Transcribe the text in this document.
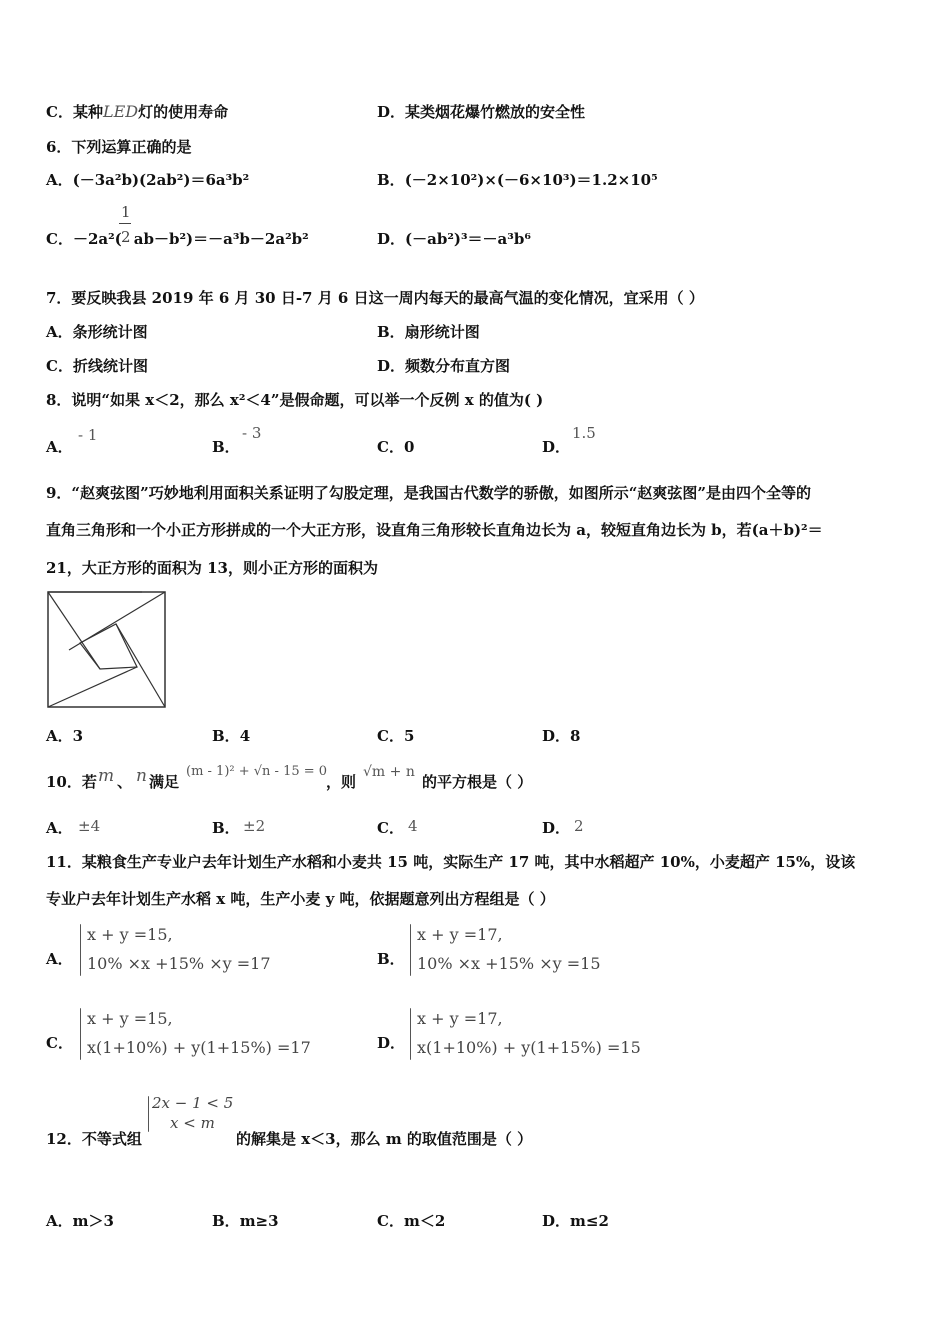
C．某种LED灯的使用寿命	D．某类烟花爆竹燃放的安全性
6．下列运算正确的是
A．(－3a²b)(2ab²)＝6a³b²	B．(－2×10²)×(－6×10³)＝1.2×10⁵
C．－2a²( ab－b²)＝－a³b－2a²b²
1
2	D．(－ab²)³＝－a³b⁶
7．要反映我县 2019 年 6 月 30 日-7 月 6 日这一周内每天的最高气温的变化情况，宜采用（ ）
A．条形统计图	B．扇形统计图
C．折线统计图	D．频数分布直方图
8．说明“如果 x＜2，那么 x²＜4”是假命题，可以举一个反例 x 的值为( )
A．
- 1
B．
- 3
C．0	D．
1.5
9．“赵爽弦图”巧妙地利用面积关系证明了勾股定理，是我国古代数学的骄傲，如图所示“赵爽弦图”是由四个全等的
直角三角形和一个小正方形拼成的一个大正方形，设直角三角形较长直角边长为 a，较短直角边长为 b，若(a＋b)²＝
21，大正方形的面积为 13，则小正方形的面积为
A．3	B．4	C．5	D．8
10．若 m 、 n 满足
(m - 1)² + √n - 15 = 0
，则
√m + n
的平方根是（ ）
A． ±4	B． ±2	C． 4	D． 2
11．某粮食生产专业户去年计划生产水稻和小麦共 15 吨，实际生产 17 吨，其中水稻超产 10%，小麦超产 15%，设该
专业户去年计划生产水稻 x 吨，生产小麦 y 吨，依据题意列出方程组是（ ）
A．
x + y =15,
10% ×x +15% ×y =17	B．
x + y =17,
10% ×x +15% ×y =15
C．
x + y =15,
x(1+10%) + y(1+15%) =17	D．
x + y =17,
x(1+10%) + y(1+15%) =15
12．不等式组
2x − 1 < 5
x < m
的解集是 x＜3，那么 m 的取值范围是（ ）
A．m＞3	B．m≥3	C．m＜2	D．m≤2
